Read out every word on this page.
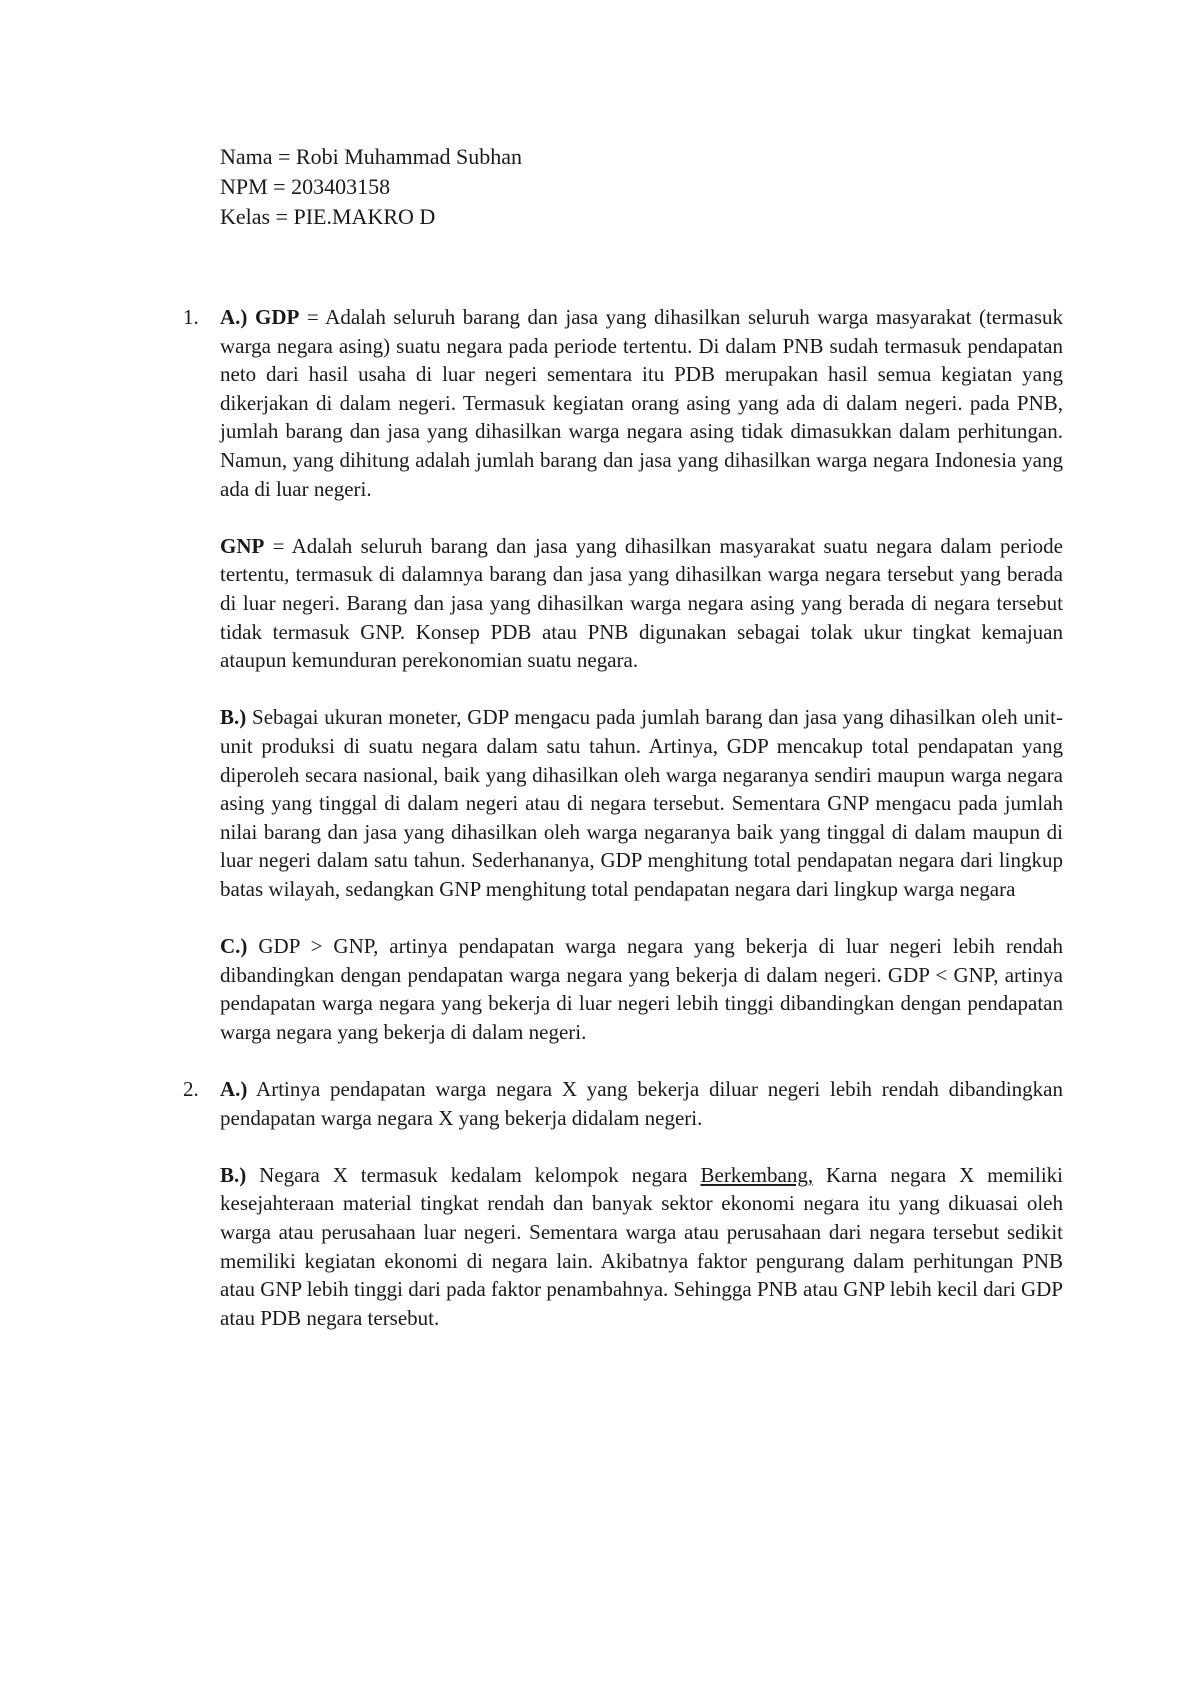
Nama = Robi Muhammad Subhan
NPM = 203403158
Kelas = PIE.MAKRO D
1. A.) GDP = Adalah seluruh barang dan jasa yang dihasilkan seluruh warga masyarakat (termasuk warga negara asing) suatu negara pada periode tertentu. Di dalam PNB sudah termasuk pendapatan neto dari hasil usaha di luar negeri sementara itu PDB merupakan hasil semua kegiatan yang dikerjakan di dalam negeri. Termasuk kegiatan orang asing yang ada di dalam negeri. pada PNB, jumlah barang dan jasa yang dihasilkan warga negara asing tidak dimasukkan dalam perhitungan. Namun, yang dihitung adalah jumlah barang dan jasa yang dihasilkan warga negara Indonesia yang ada di luar negeri.

GNP = Adalah seluruh barang dan jasa yang dihasilkan masyarakat suatu negara dalam periode tertentu, termasuk di dalamnya barang dan jasa yang dihasilkan warga negara tersebut yang berada di luar negeri. Barang dan jasa yang dihasilkan warga negara asing yang berada di negara tersebut tidak termasuk GNP. Konsep PDB atau PNB digunakan sebagai tolak ukur tingkat kemajuan ataupun kemunduran perekonomian suatu negara.

B.) Sebagai ukuran moneter, GDP mengacu pada jumlah barang dan jasa yang dihasilkan oleh unit-unit produksi di suatu negara dalam satu tahun. Artinya, GDP mencakup total pendapatan yang diperoleh secara nasional, baik yang dihasilkan oleh warga negaranya sendiri maupun warga negara asing yang tinggal di dalam negeri atau di negara tersebut. Sementara GNP mengacu pada jumlah nilai barang dan jasa yang dihasilkan oleh warga negaranya baik yang tinggal di dalam maupun di luar negeri dalam satu tahun. Sederhananya, GDP menghitung total pendapatan negara dari lingkup batas wilayah, sedangkan GNP menghitung total pendapatan negara dari lingkup warga negara

C.) GDP > GNP, artinya pendapatan warga negara yang bekerja di luar negeri lebih rendah dibandingkan dengan pendapatan warga negara yang bekerja di dalam negeri. GDP < GNP, artinya pendapatan warga negara yang bekerja di luar negeri lebih tinggi dibandingkan dengan pendapatan warga negara yang bekerja di dalam negeri.

2. A.) Artinya pendapatan warga negara X yang bekerja diluar negeri lebih rendah dibandingkan pendapatan warga negara X yang bekerja didalam negeri.

B.) Negara X termasuk kedalam kelompok negara Berkembang, Karna negara X memiliki kesejahteraan material tingkat rendah dan banyak sektor ekonomi negara itu yang dikuasai oleh warga atau perusahaan luar negeri. Sementara warga atau perusahaan dari negara tersebut sedikit memiliki kegiatan ekonomi di negara lain. Akibatnya faktor pengurang dalam perhitungan PNB atau GNP lebih tinggi dari pada faktor penambahnya. Sehingga PNB atau GNP lebih kecil dari GDP atau PDB negara tersebut.
